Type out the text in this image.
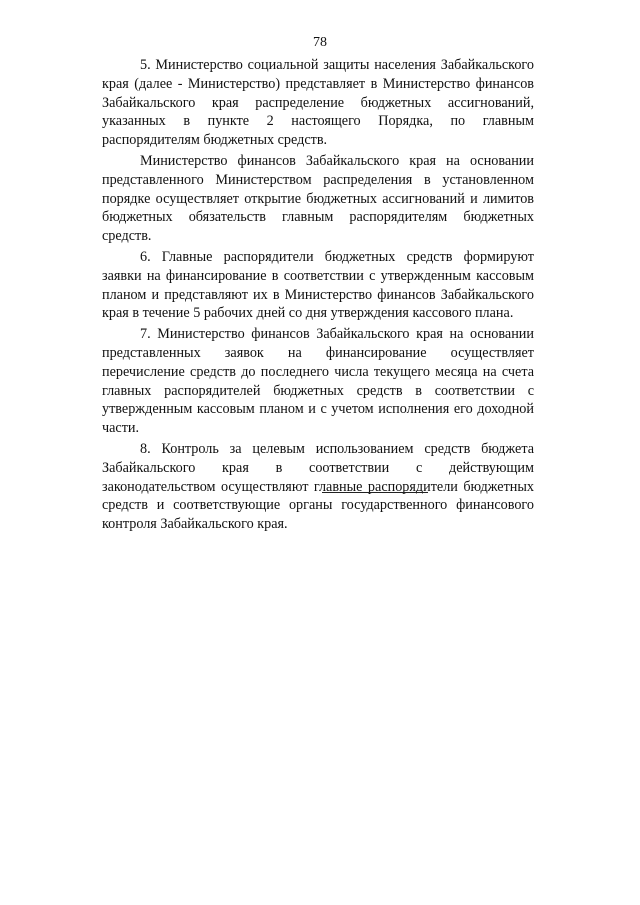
78

5. Министерство социальной защиты населения Забайкальского края (далее - Министерство) представляет в Министерство финансов Забайкальского края распределение бюджетных ассигнований, указанных в пункте 2 настоящего Порядка, по главным распорядителям бюджетных средств.

Министерство финансов Забайкальского края на основании представленного Министерством распределения в установленном порядке осуществляет открытие бюджетных ассигнований и лимитов бюджетных обязательств главным распорядителям бюджетных средств.

6. Главные распорядители бюджетных средств формируют заявки на финансирование в соответствии с утвержденным кассовым планом и представляют их в Министерство финансов Забайкальского края в течение 5 рабочих дней со дня утверждения кассового плана.

7. Министерство финансов Забайкальского края на основании представленных заявок на финансирование осуществляет перечисление средств до последнего числа текущего месяца на счета главных распорядителей бюджетных средств в соответствии с утвержденным кассовым планом и с учетом исполнения его доходной части.

8. Контроль за целевым использованием средств бюджета Забайкальского края в соответствии с действующим законодательством осуществляют главные распорядители бюджетных средств и соответствующие органы государственного финансового контроля Забайкальского края.
